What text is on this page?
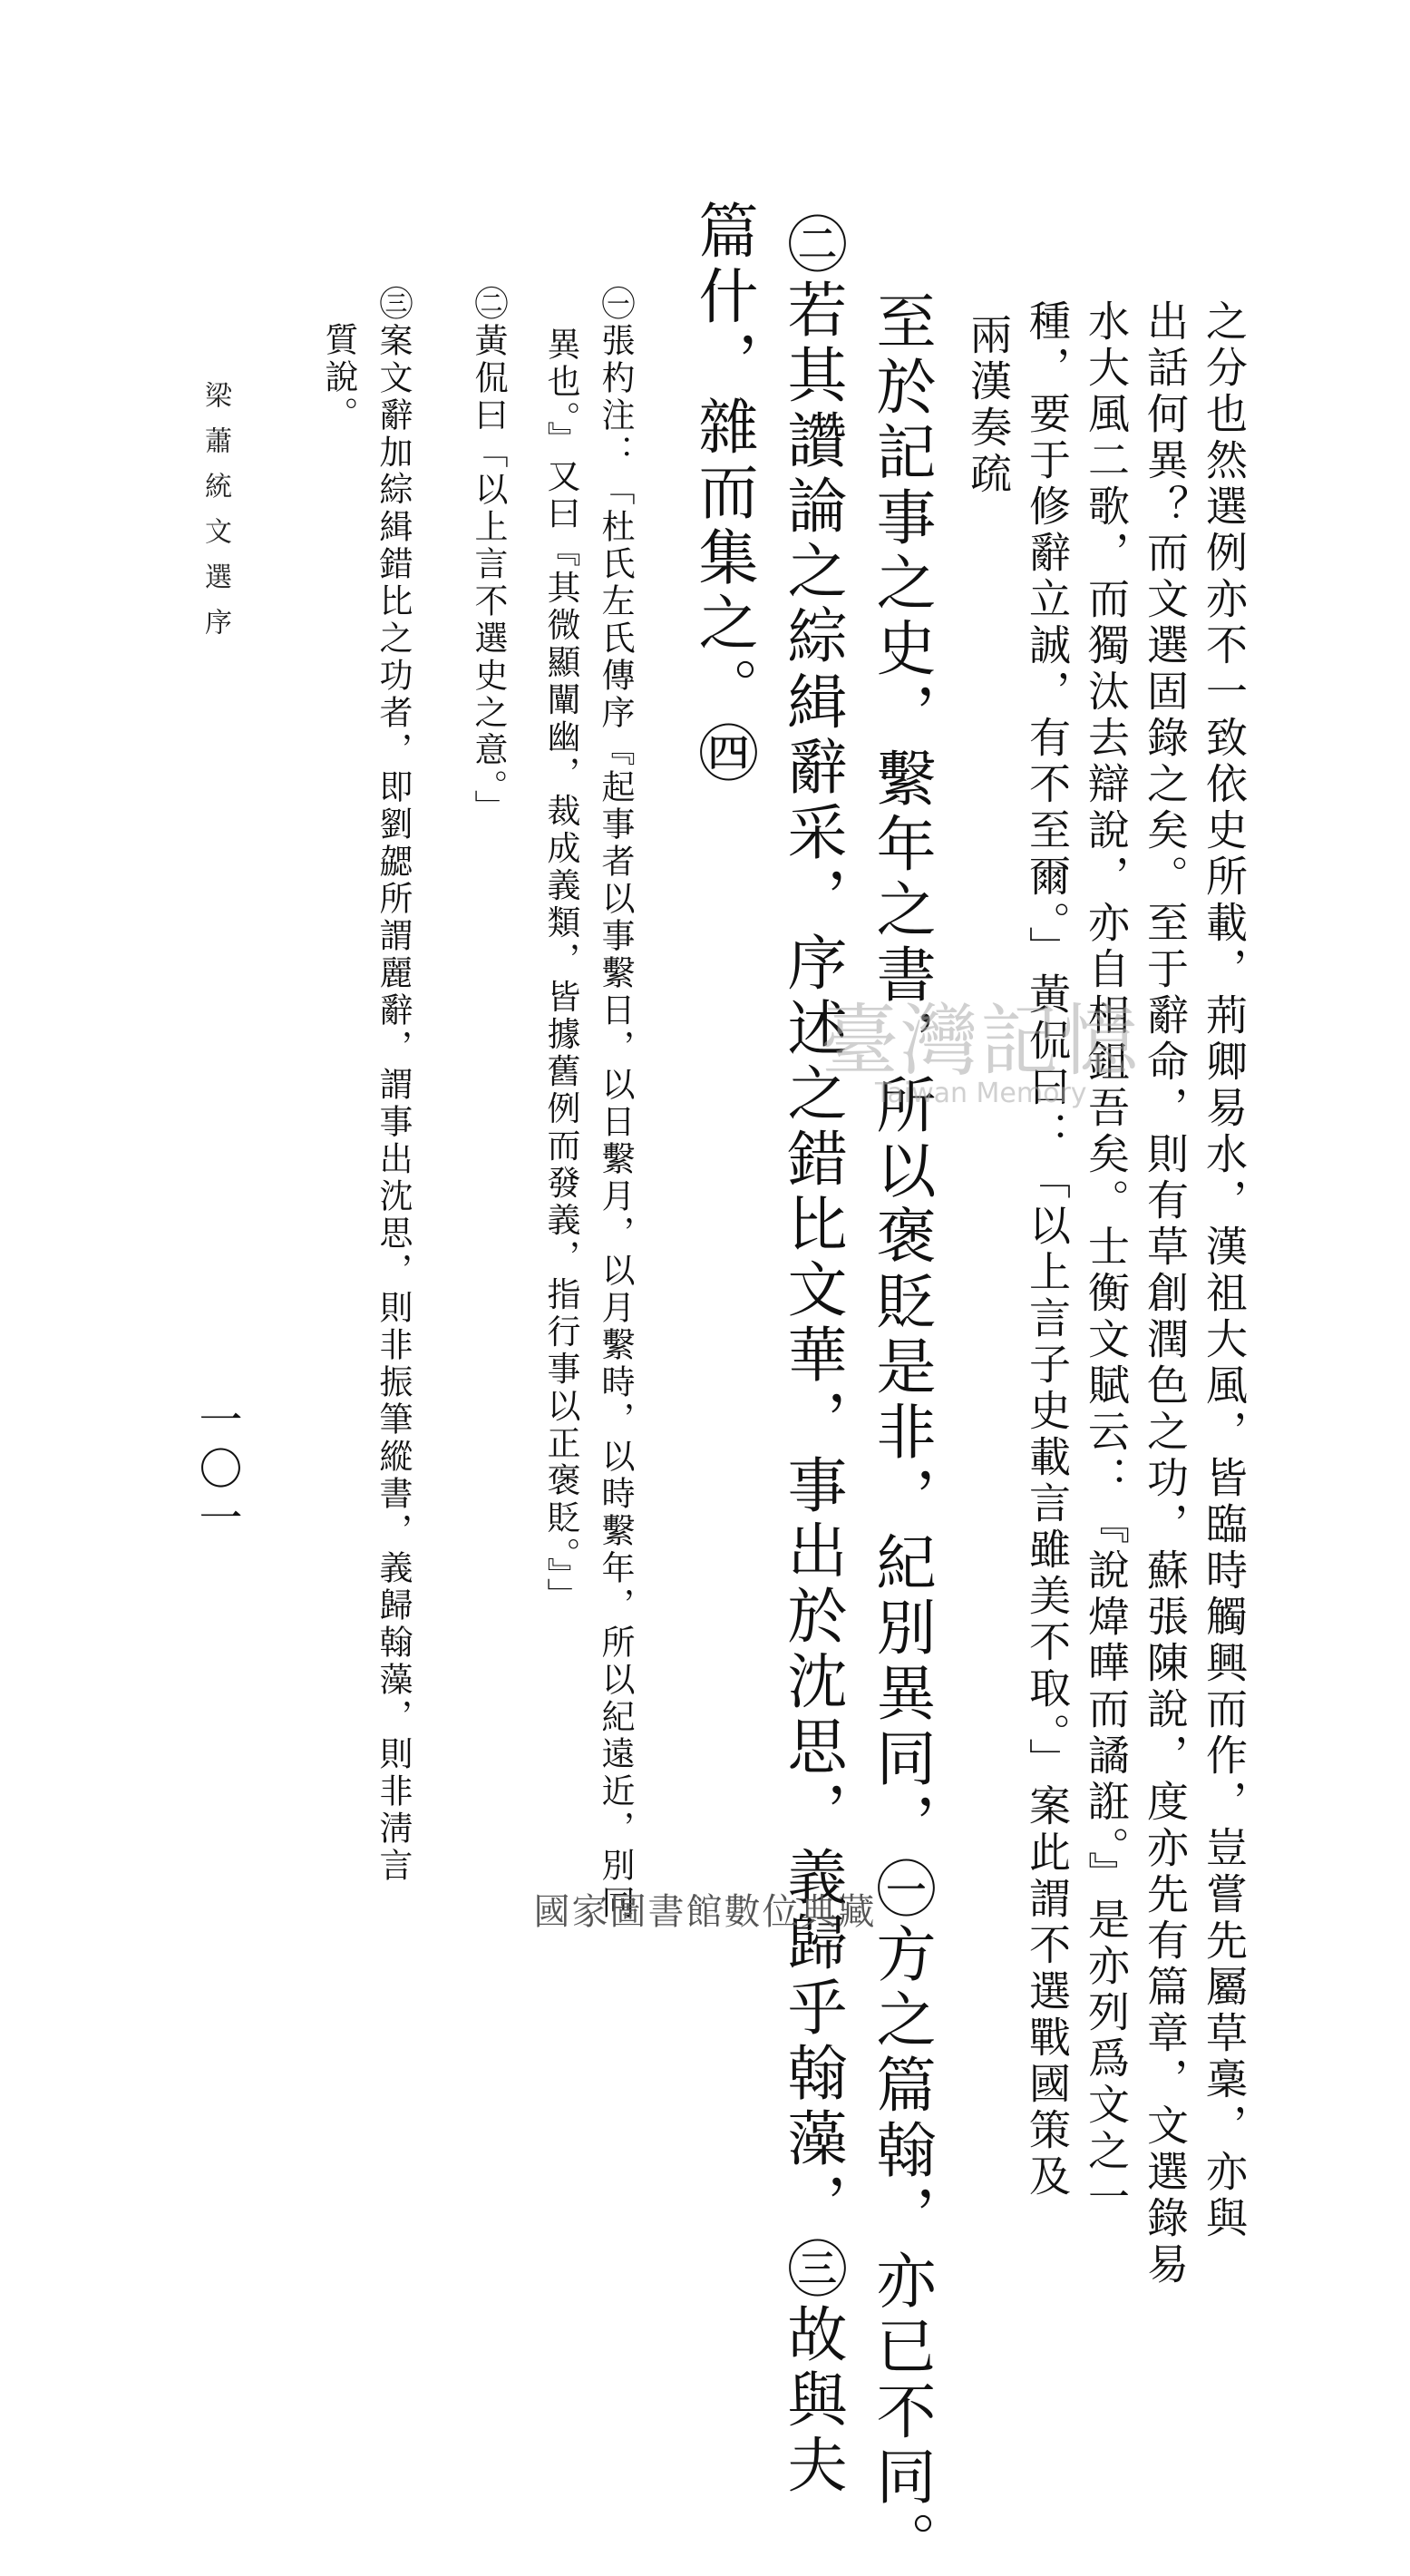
之分也然選例亦不一致依史所載，荊卿易水，漢祖大風，皆臨時觸興而作，豈嘗先屬草稾，亦與
出話何異？而文選固錄之矣。至于辭命，則有草創潤色之功，蘇張陳說，度亦先有篇章，文選錄易
水大風二歌，而獨汰去辯說，亦自相鉏吾矣。士衡文賦云：『說煒曄而譎誑。』是亦列爲文之一
種，要于修辭立誠，有不至爾。」黃侃曰：「以上言子史載言雖美不取。」案此謂不選戰國策及
兩漢奏疏
至於記事之史，繫年之書，所以褒貶是非，紀別異同，㊀方之篇翰，亦已不同。
㊁若其讚論之綜緝辭采，序述之錯比文華，事出於沈思，義歸乎翰藻，㊂故與夫
篇什，雜而集之。㊃
㊀張杓注：「杜氏左氏傳序『起事者以事繫日，以日繫月，以月繫時，以時繫年，所以紀遠近，別同
異也。』又曰『其微顯闡幽，裁成義類，皆據舊例而發義，指行事以正褒貶。』」
㊁黃侃曰「以上言不選史之意。」
㊂案文辭加綜緝錯比之功者，即劉勰所謂麗辭，謂事出沈思，則非振筆縱書，義歸翰藻，則非淸言
質說。
梁蕭統文選序
一〇一
臺灣記憶
Taiwan Memory
國家圖書館數位典藏
